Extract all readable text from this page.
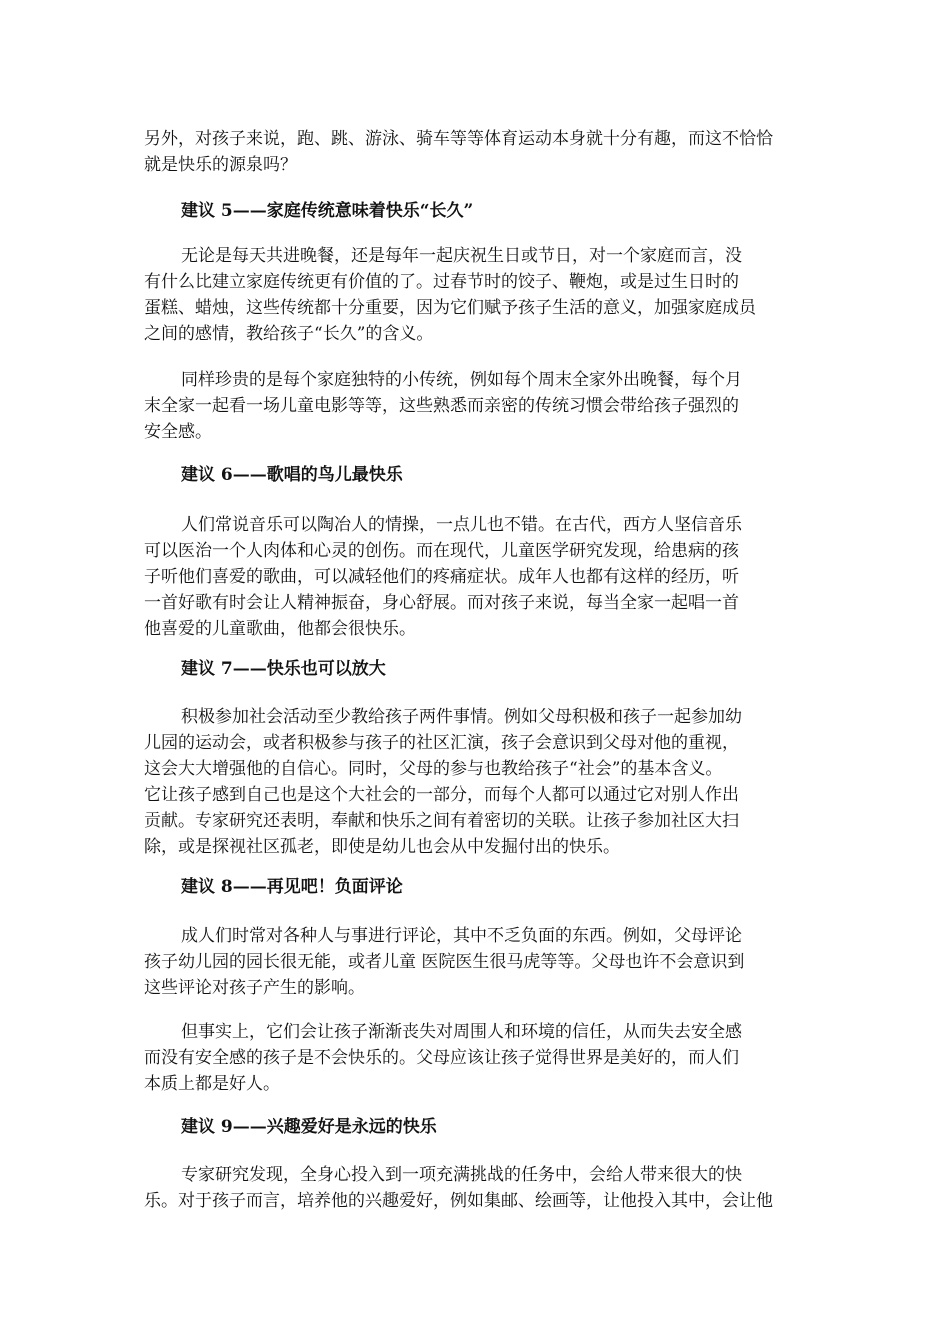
另外，对孩子来说，跑、跳、游泳、骑车等等体育运动本身就十分有趣，而这不恰恰
就是快乐的源泉吗？
建议 5——家庭传统意味着快乐“长久”
无论是每天共进晚餐，还是每年一起庆祝生日或节日，对一个家庭而言，没
有什么比建立家庭传统更有价值的了。过春节时的饺子、鞭炮，或是过生日时的
蛋糕、蜡烛，这些传统都十分重要，因为它们赋予孩子生活的意义，加强家庭成员
之间的感情，教给孩子“长久”的含义。
同样珍贵的是每个家庭独特的小传统，例如每个周末全家外出晚餐，每个月
末全家一起看一场儿童电影等等，这些熟悉而亲密的传统习惯会带给孩子强烈的
安全感。
建议 6——歌唱的鸟儿最快乐
人们常说音乐可以陶冶人的情操，一点儿也不错。在古代，西方人坚信音乐
可以医治一个人肉体和心灵的创伤。而在现代，儿童医学研究发现，给患病的孩
子听他们喜爱的歌曲，可以减轻他们的疼痛症状。成年人也都有这样的经历，听
一首好歌有时会让人精神振奋，身心舒展。而对孩子来说，每当全家一起唱一首
他喜爱的儿童歌曲，他都会很快乐。
建议 7——快乐也可以放大
积极参加社会活动至少教给孩子两件事情。例如父母积极和孩子一起参加幼
儿园的运动会，或者积极参与孩子的社区汇演，孩子会意识到父母对他的重视，
这会大大增强他的自信心。同时，父母的参与也教给孩子“社会”的基本含义。
它让孩子感到自己也是这个大社会的一部分，而每个人都可以通过它对别人作出
贡献。专家研究还表明，奉献和快乐之间有着密切的关联。让孩子参加社区大扫
除，或是探视社区孤老，即使是幼儿也会从中发掘付出的快乐。
建议 8——再见吧！负面评论
成人们时常对各种人与事进行评论，其中不乏负面的东西。例如，父母评论
孩子幼儿园的园长很无能，或者儿童 医院医生很马虎等等。父母也许不会意识到
这些评论对孩子产生的影响。
但事实上，它们会让孩子渐渐丧失对周围人和环境的信任，从而失去安全感
而没有安全感的孩子是不会快乐的。父母应该让孩子觉得世界是美好的，而人们
本质上都是好人。
建议 9——兴趣爱好是永远的快乐
专家研究发现，全身心投入到一项充满挑战的任务中，会给人带来很大的快
乐。对于孩子而言，培养他的兴趣爱好，例如集邮、绘画等，让他投入其中，会让他
